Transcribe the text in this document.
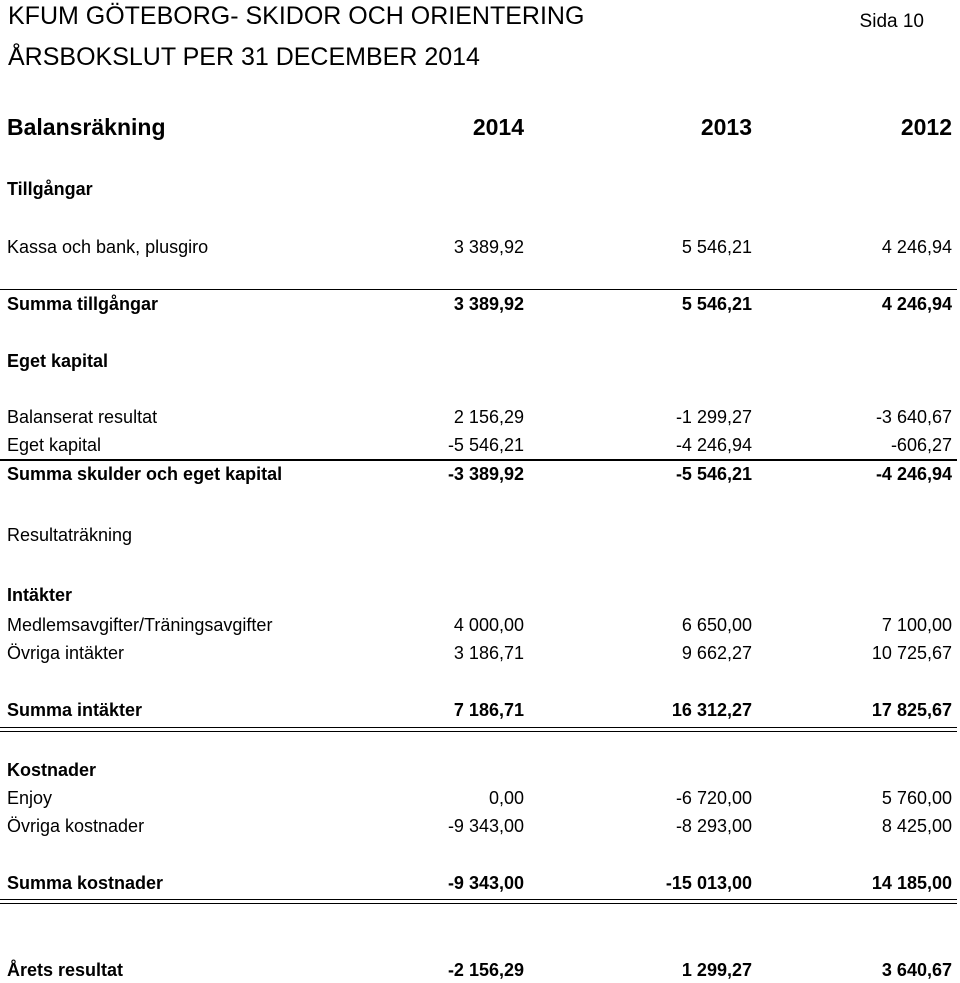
KFUM GÖTEBORG- SKIDOR OCH ORIENTERING
ÅRSBOKSLUT PER 31 DECEMBER 2014
Sida 10
Balansräkning	2014	2013	2012
Tillgångar
Kassa och bank, plusgiro	3 389,92	5 546,21	4 246,94
Summa tillgångar	3 389,92	5 546,21	4 246,94
Eget kapital
Balanserat resultat	2 156,29	-1 299,27	-3 640,67
Eget kapital	-5 546,21	-4 246,94	-606,27
Summa skulder och eget kapital	-3 389,92	-5 546,21	-4 246,94
Resultaträkning
Intäkter
Medlemsavgifter/Träningsavgifter	4 000,00	6 650,00	7 100,00
Övriga intäkter	3 186,71	9 662,27	10 725,67
Summa intäkter	7 186,71	16 312,27	17 825,67
Kostnader
Enjoy	0,00	-6 720,00	5 760,00
Övriga kostnader	-9 343,00	-8 293,00	8 425,00
Summa kostnader	-9 343,00	-15 013,00	14 185,00
Årets resultat	-2 156,29	1 299,27	3 640,67
